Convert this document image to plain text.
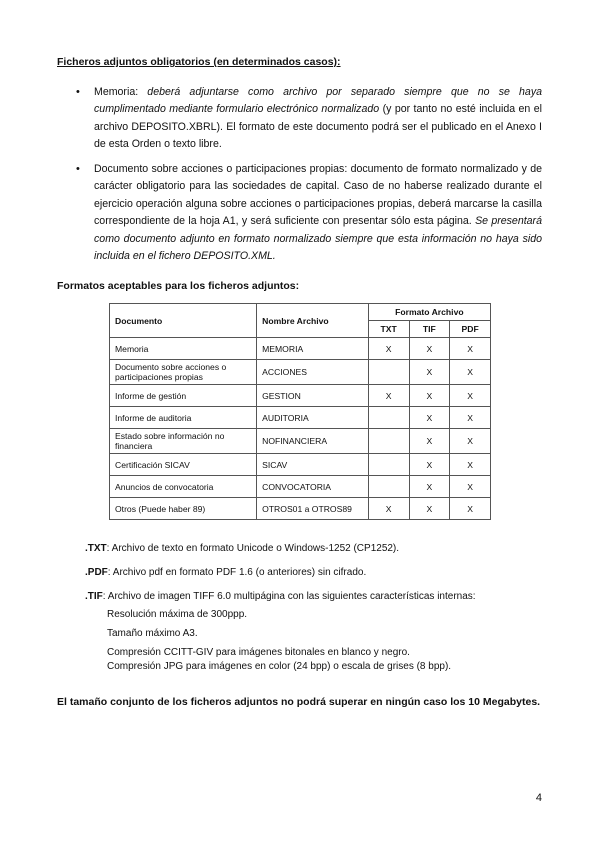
Ficheros adjuntos obligatorios (en determinados casos):
• Memoria: deberá adjuntarse como archivo por separado siempre que no se haya cumplimentado mediante formulario electrónico normalizado (y por tanto no esté incluida en el archivo DEPOSITO.XBRL). El formato de este documento podrá ser el publicado en el Anexo I de esta Orden o texto libre.
• Documento sobre acciones o participaciones propias: documento de formato normalizado y de carácter obligatorio para las sociedades de capital. Caso de no haberse realizado durante el ejercicio operación alguna sobre acciones o participaciones propias, deberá marcarse la casilla correspondiente de la hoja A1, y será suficiente con presentar sólo esta página. Se presentará como documento adjunto en formato normalizado siempre que esta información no haya sido incluida en el fichero DEPOSITO.XML.
Formatos aceptables para los ficheros adjuntos:
Documento	Nombre Archivo	Formato Archivo		
		TXT	TIF	PDF
Memoria	MEMORIA	X	X	X
Documento sobre acciones o participaciones propias	ACCIONES		X	X
Informe de gestión	GESTION	X	X	X
Informe de auditoria	AUDITORIA		X	X
Estado sobre información no financiera	NOFINANCIERA		X	X
Certificación SICAV	SICAV		X	X
Anuncios de convocatoria	CONVOCATORIA		X	X
Otros (Puede haber 89)	OTROS01 a OTROS89	X	X	X
.TXT: Archivo de texto en formato Unicode o Windows-1252 (CP1252).
.PDF: Archivo pdf en formato PDF 1.6 (o anteriores) sin cifrado.
.TIF: Archivo de imagen TIFF 6.0 multipágina con las siguientes características internas:
Resolución máxima de 300ppp.
Tamaño máximo A3.
Compresión CCITT-GIV para imágenes bitonales en blanco y negro.
Compresión JPG para imágenes en color (24 bpp) o escala de grises (8 bpp).
El tamaño conjunto de los ficheros adjuntos no podrá superar en ningún caso los 10 Megabytes.
4
